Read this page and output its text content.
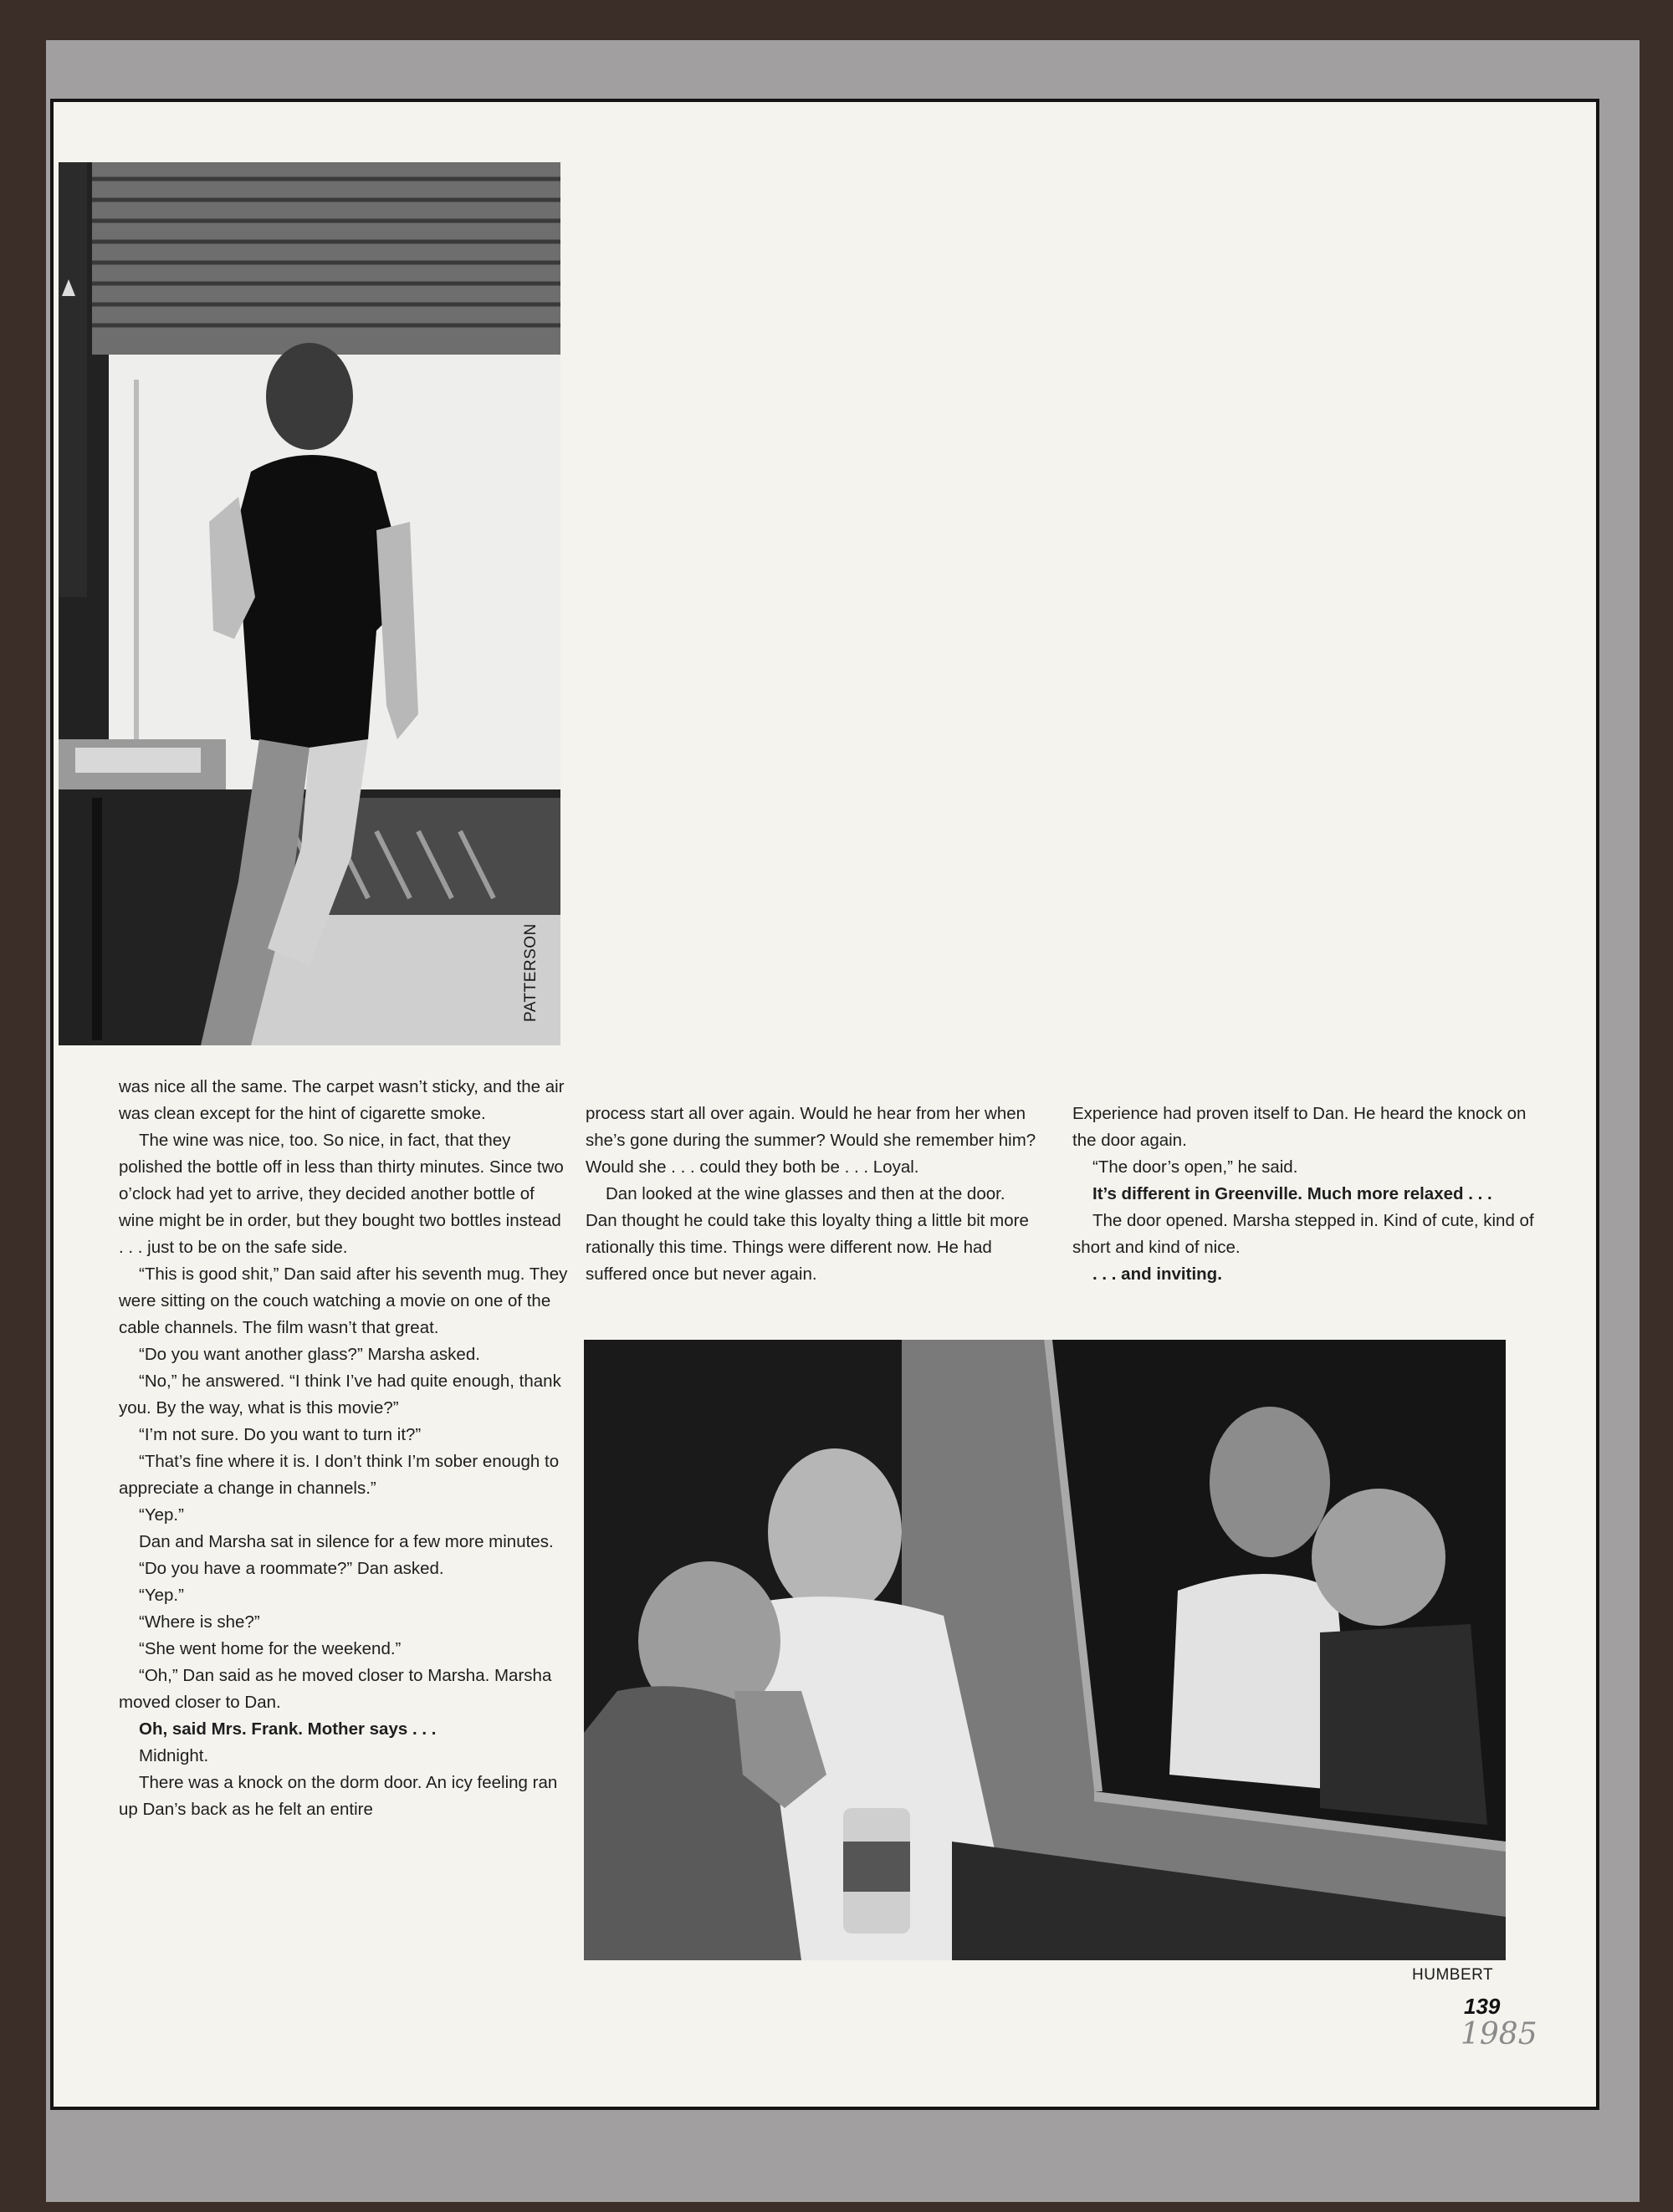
PATTERSON

was nice all the same. The carpet wasn’t sticky, and the air was clean except for the hint of cigarette smoke.

The wine was nice, too. So nice, in fact, that they polished the bottle off in less than thirty minutes. Since two o’clock had yet to arrive, they decided another bottle of wine might be in order, but they bought two bottles instead . . . just to be on the safe side.

“This is good shit,” Dan said after his seventh mug. They were sitting on the couch watching a movie on one of the cable channels. The film wasn’t that great.

“Do you want another glass?” Marsha asked.

“No,” he answered. “I think I’ve had quite enough, thank you. By the way, what is this movie?”

“I’m not sure. Do you want to turn it?”

“That’s fine where it is. I don’t think I’m sober enough to appreciate a change in channels.”

“Yep.”

Dan and Marsha sat in silence for a few more minutes.

“Do you have a roommate?” Dan asked.

“Yep.”

“Where is she?”

“She went home for the weekend.”

“Oh,” Dan said as he moved closer to Marsha. Marsha moved closer to Dan.

Oh, said Mrs. Frank. Mother says . . .

Midnight.

There was a knock on the dorm door. An icy feeling ran up Dan’s back as he felt an entire

process start all over again. Would he hear from her when she’s gone during the summer? Would she remember him? Would she . . . could they both be . . . Loyal.

Dan looked at the wine glasses and then at the door. Dan thought he could take this loyalty thing a little bit more rationally this time. Things were different now. He had suffered once but never again.

Experience had proven itself to Dan. He heard the knock on the door again.

“The door’s open,” he said.

It’s different in Greenville. Much more relaxed . . .

The door opened. Marsha stepped in. Kind of cute, kind of short and kind of nice.

. . . and inviting.

HUMBERT
139
1985
